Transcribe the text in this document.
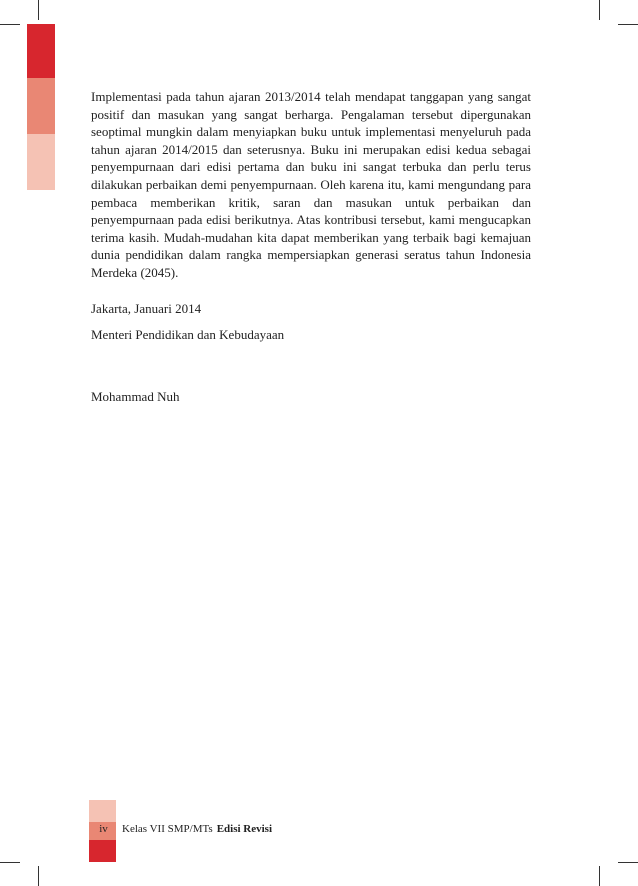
Implementasi pada tahun ajaran 2013/2014 telah mendapat tanggapan yang sangat positif dan masukan yang sangat berharga. Pengalaman tersebut dipergunakan seoptimal mungkin dalam menyiapkan buku untuk implementasi menyeluruh pada tahun ajaran 2014/2015 dan seterusnya. Buku ini merupakan edisi kedua sebagai penyempurnaan dari edisi pertama dan buku ini sangat terbuka dan perlu terus dilakukan perbaikan demi penyempurnaan. Oleh karena itu, kami mengundang para pembaca memberikan kritik, saran dan masukan untuk perbaikan dan penyempurnaan pada edisi berikutnya. Atas kontribusi tersebut, kami mengucapkan terima kasih. Mudah-mudahan kita dapat memberikan yang terbaik bagi kemajuan dunia pendidikan dalam rangka mempersiapkan generasi seratus tahun Indonesia Merdeka (2045).

Jakarta, Januari 2014

Menteri Pendidikan dan Kebudayaan

Mohammad Nuh

iv	Kelas VII SMP/MTs Edisi Revisi
